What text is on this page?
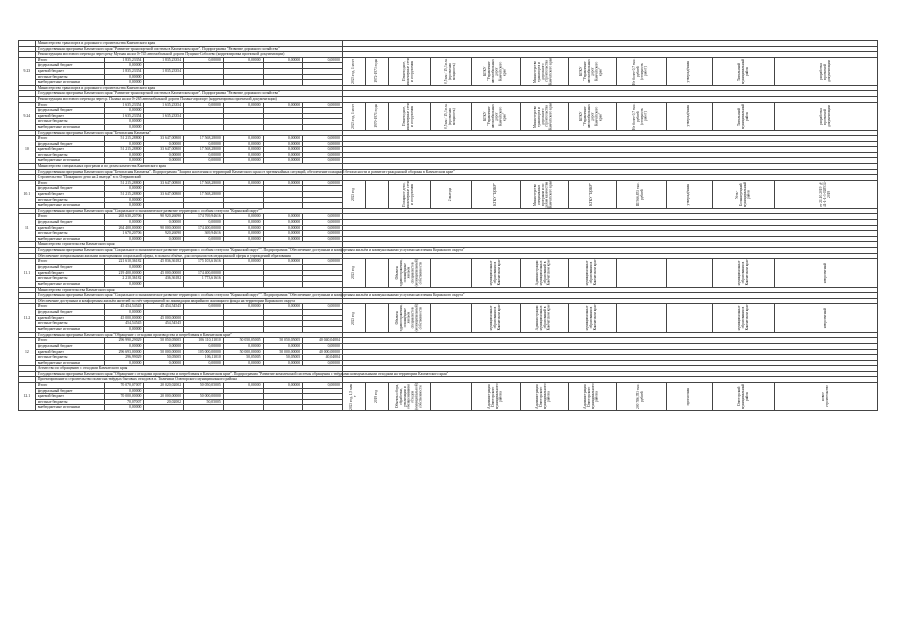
	Министерство транспорта и дорожного строительства Камчатского края																	
	Государственная программа Камчатского края "Развитие транспортной системы в Камчатском крае". Подпрограмма "Развитие дорожного хозяйства"																	
	Реконструкция мостового перехода через реку Мутная на км 0+745 автомобильной дороги Пущино-Соболево (корректировка проектной документации)																	
9.23	Итого	1 835,23354	1 835,23354	0,00000	0,00000	0,00000	0,00000	2023 год, 1 мост	1972-1973 годы	Пешеходное, инженерные сети и сооружения	0,5 км / 15,3 п.м. (проектная мощность)	КГКУ "Управление автомобильных дорог Камчатского края"	Министерство транспорта и дорожного строительства Камчатского края	КГКУ "Управление автомобильных дорог Камчатского края"	Не более 0,7 тыс. рублей (стоимость работ)	утверждённая	Тигильский муниципальный район	разработка проектной документации

	федеральный бюджет	0,00000																
	краевой бюджет	1 835,23354	1 835,23354															
	местные бюджеты	0,00000																
	внебюджетные источники	0,00000																
	Министерство транспорта и дорожного строительства Камчатского края																	
	Государственная программа Камчатского края "Развитие транспортной системы в Камчатском крае". Подпрограмма "Развитие дорожного хозяйства"																	
	Реконструкция мостового перехода через р. Палана на км 0+265 автомобильной дороги Палана-аэропорт (корректировка проектной документации)																	
9.24	Итого	1 635,23354	1 635,23354	0,00000	0,00000	0,00000	0,00000	2023 год, 1 мост	1970-1971 годы	Пешеходное, инженерные сети и сооружения	0,5 км / 15,3 п.м. (проектная мощность)	КГКУ "Управление автомобильных дорог Камчатского края"	Министерство транспорта и дорожного строительства Камчатского края	КГКУ "Управление автомобильных дорог Камчатского края"	Не более 0,7 тыс. рублей (стоимость работ)	утверждённая	Тигильский муниципальный район	разработка проектной документации

	федеральный бюджет	0,00000																
	краевой бюджет	1 635,23354	1 635,23354															
	местные бюджеты	0,00000																
	внебюджетные источники	0,00000																
	Государственная программа Камчатского края "Безопасная Камчатка"																	
10	Итого	51 215,28800	33 647,00800	17 568,28000	0,00000	0,00000	0,00000											
	федеральный бюджет	0,00000	0,00000	0,00000	0,00000	0,00000	0,00000											
	краевой бюджет	51 215,28800	33 647,00800	17 568,28000	0,00000	0,00000	0,00000											
	местные бюджеты	0,00000	0,00000	0,00000	0,00000	0,00000	0,00000											
	внебюджетные источники	0,00000	0,00000	0,00000	0,00000	0,00000	0,00000											
	Министерство специальных программ и по делам казачества Камчатского края																	
	Государственная программа Камчатского края "Безопасная Камчатка". Подпрограмма "Защита населения и территорий Камчатского края от чрезвычайных ситуаций, обеспечение пожарной безопасности и развитие гражданской обороны в Камчатском крае"																	
	Строительство "Пожарного депо на 2 выезда" в п. Озерновский																	
10.1	Итого	51 215,28800	33 647,00800	17 568,28000	0,00000	0,00000	0,00000	2023 год		Пожарное депо, инженерные сети и сооружения	2 выезда	КГКУ "ЦОКР"	Министерство специальных программ и по делам казачества Камчатского края	КГКУ "ЦОКР"	III 566,853 тыс. рублей	утверждённая	Усть-Большерецкий муниципальный район	от 21.10.2019 № 41-1-1-3-028534-2019

	федеральный бюджет	0,00000																
	краевой бюджет	51 215,28800	33 647,00800	17 568,28000														
	местные бюджеты	0,00000																
	внебюджетные источники	0,00000																
	Государственная программа Камчатского края "Социальное и экономическое развитие территории с особым статусом "Корякский округ""																	
11	Итого	265 630,20706	90 920,26090	174 769,94616	0,00000	0,00000	0,00000											
	федеральный бюджет	0,00000	0,00000	0,00000	0,00000	0,00000	0,00000											
	краевой бюджет	264 400,00000	90 000,00000	174 400,00000	0,00000	0,00000	0,00000											
	местные бюджеты	1 670,20706	920,26090	369,94616	0,00000	0,00000	0,00000											
	внебюджетные источники	0,00000	0,00000	0,00000	0,00000	0,00000	0,00000											
	Министерство строительства Камчатского края																	
	Государственная программа Камчатского края "Социальное и экономическое развитие территории с особым статусом "Корякский округ"". Подпрограмма "Обеспечение доступным и комфортным жильём и коммунальными услугами населения Корякского округа"																	
	Обеспечение специальными жилыми помещениями социальной сферы, в полном объёме, для специалистов медицинской сферы и учреждений образования																	
11.1	Итого	221 610,36182	45 836,36182	175 103,61616	0,00000	0,00000	0,00000	2023 год		Объекты здравоохранения, оснащённые жильём специалистов (муниципальный) собственности		муниципальные образования в Камчатском крае	Администрации муниципальных образований в Камчатском крае	муниципальные образования в Камчатском крае			муниципальные образования в Камчатском крае	непроектный

	федеральный бюджет	0,00000																
	краевой бюджет	219 400,00000	45 000,00000	174 400,00000														
	местные бюджеты	2 210,36182	436,36182	1 773,61616														
	внебюджетные источники	0,00000																
	Министерство строительства Камчатского края																	
	Государственная программа Камчатского края "Социальное и экономическое развитие территории с особым статусом "Корякский округ"". Подпрограмма "Обеспечение доступным и комфортным жильём и коммунальными услугами населения Корякского округа"																	
	Обеспечение доступным и комфортным жильём жителей за счёт мероприятий по ликвидации аварийного жилищного фонда на территории Корякского округа																	
11.2	Итого	45 454,54545	45 454,54545	0,00000	0,00000	0,00000	0,00000	2023 год		Объекты здравоохранения, оснащённые жильём специалистов (муниципальный) собственности		муниципальные образования в Камчатском крае	Администрации муниципальных образований в Камчатском крае	муниципальные образования в Камчатском крае			муниципальные образования в Камчатском крае	непроектный

	федеральный бюджет	0,00000																
	краевой бюджет	45 000,00000	45 000,00000															
	местные бюджеты	454,54545	454,54545															
	внебюджетные источники	0,00000																
	Государственная программа Камчатского края "Обращение с отходами производства и потребления в Камчатском крае"																	
12	Итого	296 990,29029	50 050,05005	106 110,11010	50 050,05005	50 050,05005	40 040,04004											
	федеральный бюджет	0,00000	0,00000	0,00000	0,00000	0,00000	0,00000											
	краевой бюджет	296 693,00000	50 000,00000	105 000,00000	50 000,00000	50 000,00000	40 000,00000											
	местные бюджеты	296,99029	50,05005	106,11010	50,05005	50,05005	40,04004											
	внебюджетные источники	0,00000	0,00000	0,00000	0,00000	0,00000	0,00000											
	Агентство по обращению с отходами Камчатского края																	
	Государственная программа Камчатского края "Обращение с отходами производства и потребления в Камчатском крае". Подпрограмма "Развитие комплексной системы обращения с твёрдыми коммунальными отходами на территории Камчатского края"																	
	Проектирование и строительство полигона твёрдых бытовых отходов в п. Тиличики Олюторского муниципального района																	
12.1	Итого	70 070,07007	20 020,02002	50 050,05005	0,00000	0,00000	0,00000	2023 год, 1,5 млн т	2019 год	Объекты сбора, обработки, утилизации и обезвреживания отходов (муниципальной) собственности		Администрация Олюторского муниципального района	Администрация Олюторского муниципального района	Администрация Олюторского муниципального района	200 786,783 тыс. рублей	прогнозная	Олюторский муниципальный район	новое строительство

	федеральный бюджет	0,00000																
	краевой бюджет	70 000,00000	20 000,00000	50 000,00000														
	местные бюджеты	70,07007	20,02002	50,05005														
	внебюджетные источники	0,00000																
